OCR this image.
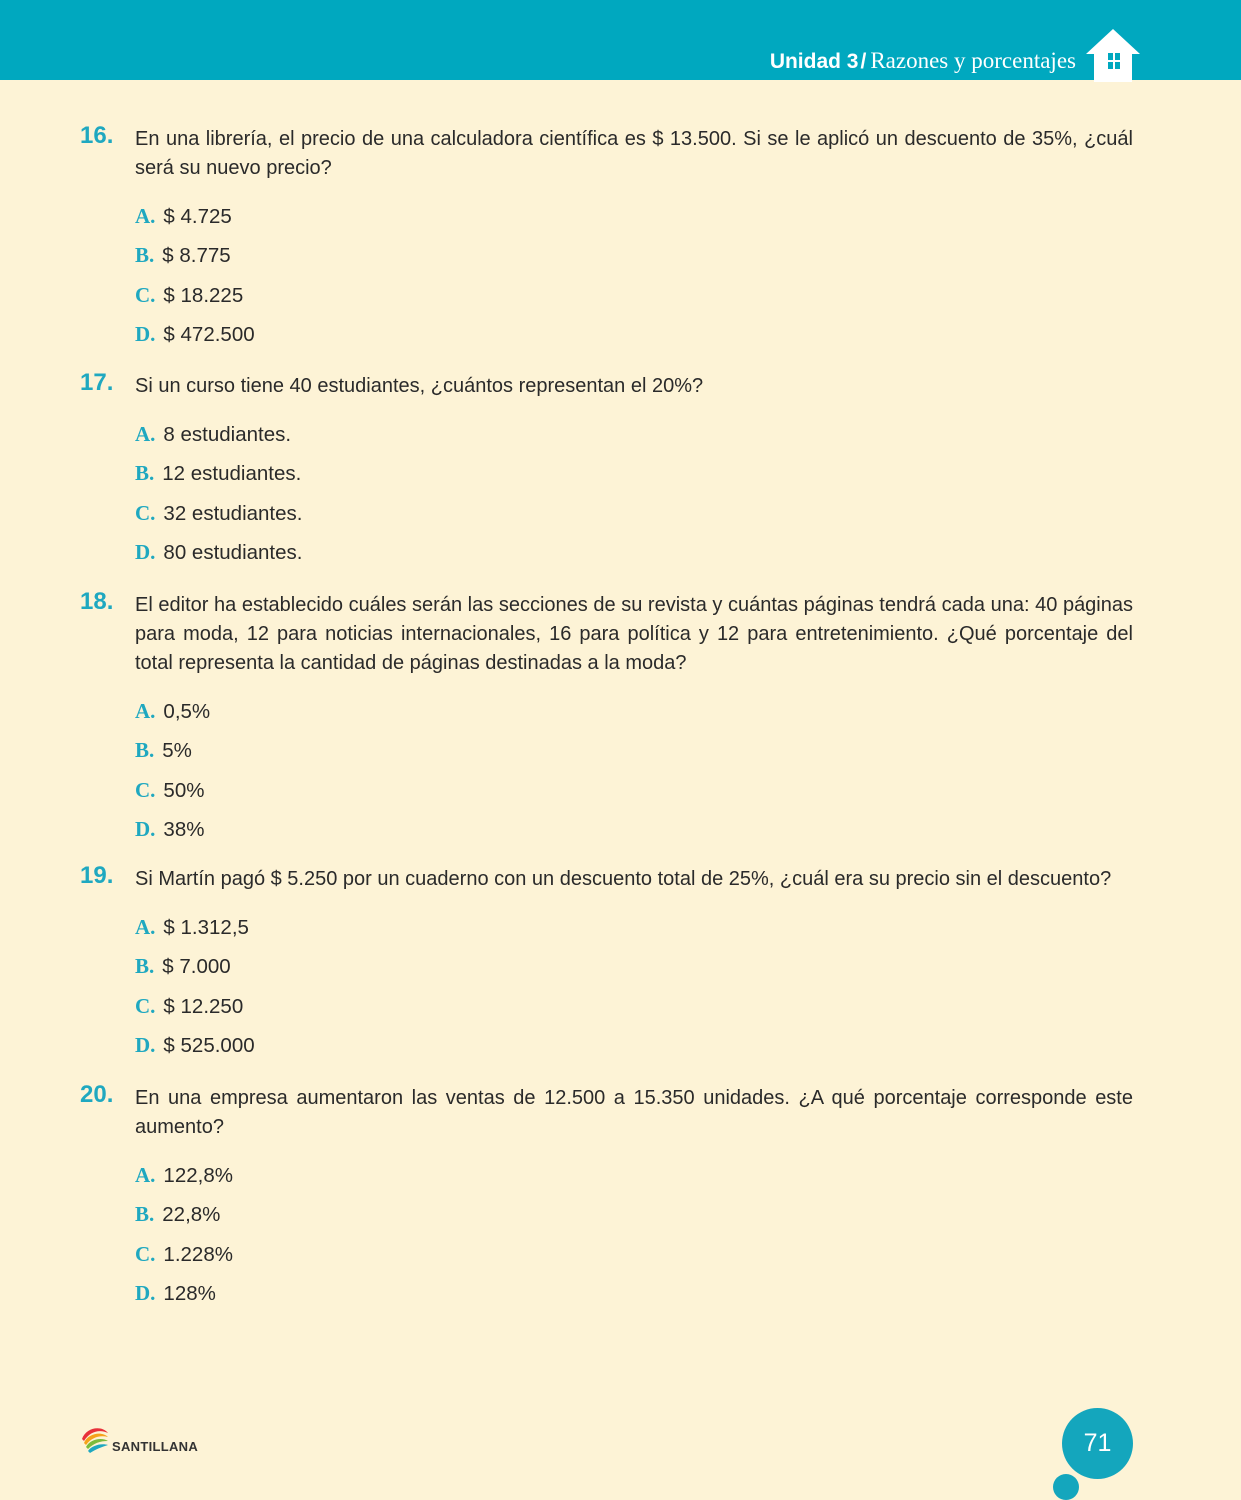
Unidad 3/ Razones y porcentajes
16. En una librería, el precio de una calculadora científica es $ 13.500. Si se le aplicó un descuento de 35%, ¿cuál será su nuevo precio?
A. $ 4.725
B. $ 8.775
C. $ 18.225
D. $ 472.500
17. Si un curso tiene 40 estudiantes, ¿cuántos representan el 20%?
A. 8 estudiantes.
B. 12 estudiantes.
C. 32 estudiantes.
D. 80 estudiantes.
18. El editor ha establecido cuáles serán las secciones de su revista y cuántas páginas tendrá cada una: 40 páginas para moda, 12 para noticias internacionales, 16 para política y 12 para entretenimiento. ¿Qué porcentaje del total representa la cantidad de páginas destinadas a la moda?
A. 0,5%
B. 5%
C. 50%
D. 38%
19. Si Martín pagó $ 5.250 por un cuaderno con un descuento total de 25%, ¿cuál era su precio sin el descuento?
A. $ 1.312,5
B. $ 7.000
C. $ 12.250
D. $ 525.000
20. En una empresa aumentaron las ventas de 12.500 a 15.350 unidades. ¿A qué porcentaje corresponde este aumento?
A. 122,8%
B. 22,8%
C. 1.228%
D. 128%
SANTILLANA	71
